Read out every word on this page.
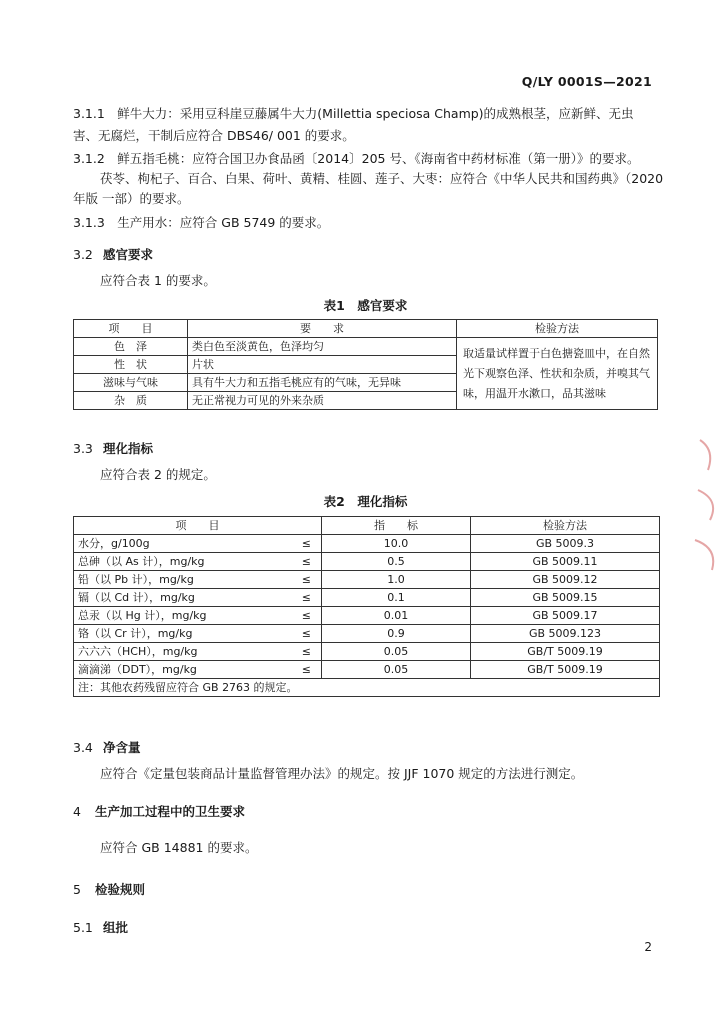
Q/LY 0001S—2021
3.1.1　鲜牛大力：采用豆科崖豆藤属牛大力(Millettia speciosa Champ)的成熟根茎，应新鲜、无虫
害、无腐烂，干制后应符合 DBS46/ 001 的要求。
3.1.2　鲜五指毛桃：应符合国卫办食品函〔2014〕205 号、《海南省中药材标准（第一册）》的要求。
茯苓、枸杞子、百合、白果、荷叶、黄精、桂圆、莲子、大枣：应符合《中华人民共和国药典》（2020
年版 一部）的要求。
3.1.3　生产用水：应符合 GB 5749 的要求。
3.2 感官要求
应符合表 1 的要求。
表1　感官要求
项　　目	要　　求	检验方法
色　泽	类白色至淡黄色，色泽均匀	取适量试样置于白色搪瓷皿中，在自然光下观察色泽、性状和杂质，并嗅其气味，用温开水漱口，品其滋味
性　状	片状	
滋味与气味	具有牛大力和五指毛桃应有的气味，无异味	
杂　质	无正常视力可见的外来杂质	
3.3 理化指标
应符合表 2 的规定。
表2　理化指标
项　　目		指　　标	检验方法
水分，g/100g	≤	10.0	GB 5009.3
总砷（以 As 计），mg/kg	≤	0.5	GB 5009.11
铅（以 Pb 计），mg/kg	≤	1.0	GB 5009.12
镉（以 Cd 计），mg/kg	≤	0.1	GB 5009.15
总汞（以 Hg 计），mg/kg	≤	0.01	GB 5009.17
铬（以 Cr 计），mg/kg	≤	0.9	GB 5009.123
六六六（HCH），mg/kg	≤	0.05	GB/T 5009.19
滴滴涕（DDT），mg/kg	≤	0.05	GB/T 5009.19
注：其他农药残留应符合 GB 2763 的规定。			
3.4 净含量
应符合《定量包装商品计量监督管理办法》的规定。按 JJF 1070 规定的方法进行测定。
4 生产加工过程中的卫生要求
应符合 GB 14881 的要求。
5 检验规则
5.1 组批
2
